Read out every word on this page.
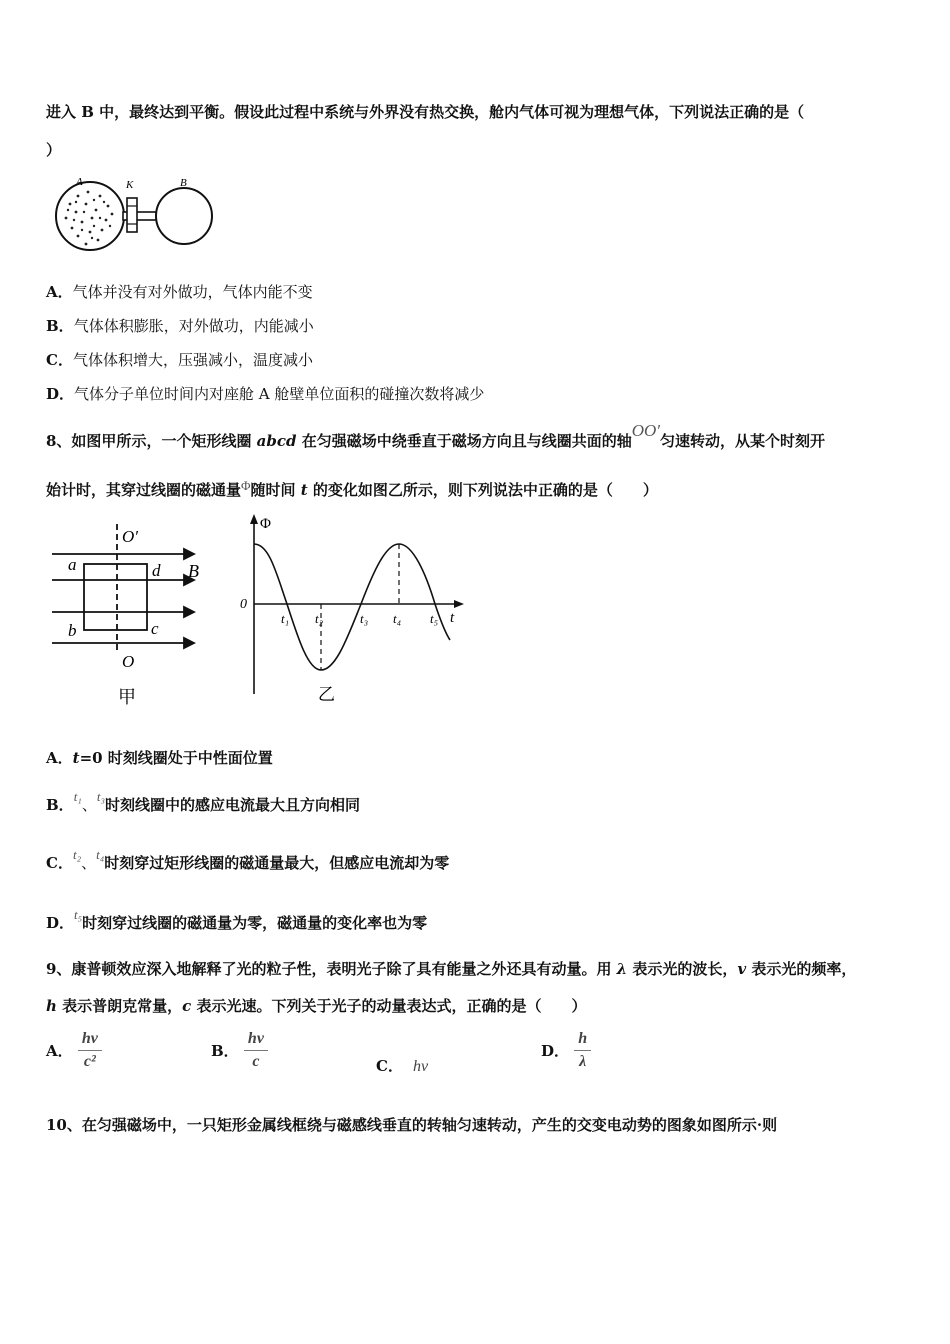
进入 B 中，最终达到平衡。假设此过程中系统与外界没有热交换，舱内气体可视为理想气体，下列说法正确的是（
）
A	K	B
A．气体并没有对外做功，气体内能不变
B．气体体积膨胀，对外做功，内能减小
C．气体体积增大，压强减小，温度减小
D．气体分子单位时间内对座舱 A 舱壁单位面积的碰撞次数将减少
8、如图甲所示，一个矩形线圈 abcd 在匀强磁场中绕垂直于磁场方向且与线圈共面的轴OO′匀速转动，从某个时刻开
始计时，其穿过线圈的磁通量Φ随时间 t 的变化如图乙所示，则下列说法中正确的是（　　）
O′
a	d B
b	c
O
甲
Φ
0
t
t₁ t₂	t₃ t₄ t₅
乙
A．t=0 时刻线圈处于中性面位置
B．t₁、t₃时刻线圈中的感应电流最大且方向相同
C．t₂、t₄时刻穿过矩形线圈的磁通量最大，但感应电流却为零
D．t₅时刻穿过线圈的磁通量为零，磁通量的变化率也为零
9、康普顿效应深入地解释了光的粒子性，表明光子除了具有能量之外还具有动量。用 λ 表示光的波长，v 表示光的频率，
h 表示普朗克常量，c 表示光速。下列关于光子的动量表达式，正确的是（　　）
A． $\frac{hv}{\text{c²}}$	B． $\frac{hv}{c}$	C． hv
D． $\frac{h}{\lambda}$
10、在匀强磁场中，一只矩形金属线框绕与磁感线垂直的转轴匀速转动，产生的交变电动势的图象如图所示·则
